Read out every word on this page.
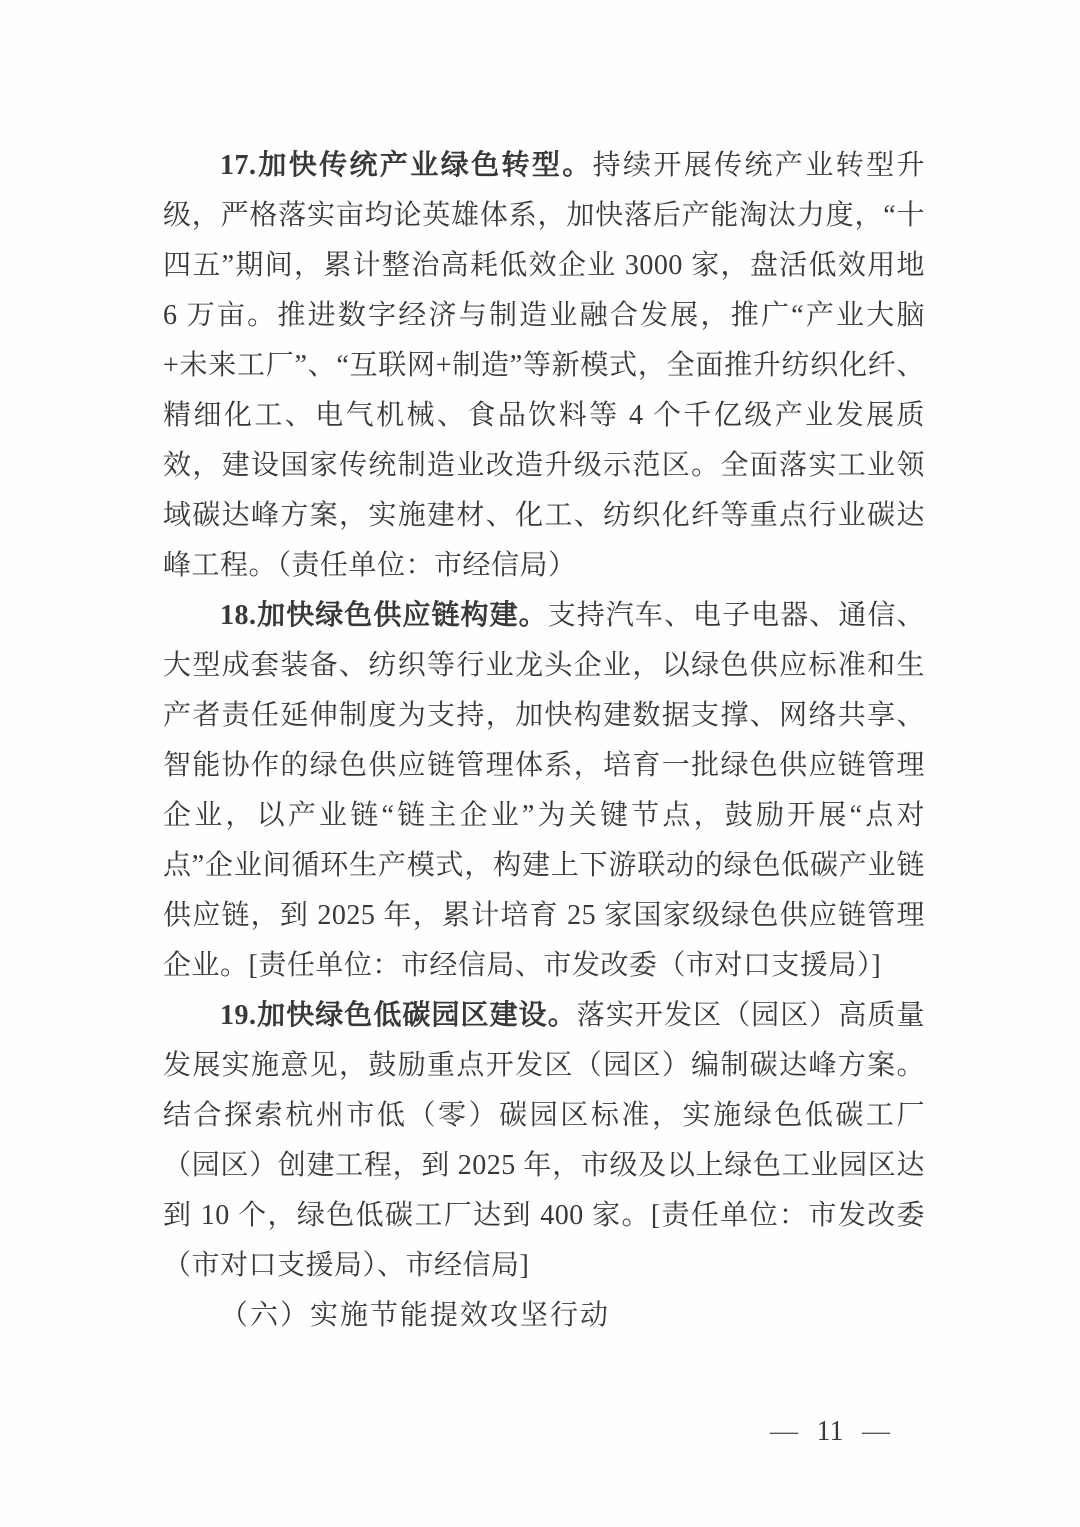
17.加快传统产业绿色转型。持续开展传统产业转型升级，严格落实亩均论英雄体系，加快落后产能淘汰力度，“十四五”期间，累计整治高耗低效企业 3000 家，盘活低效用地 6 万亩。推进数字经济与制造业融合发展，推广“产业大脑+未来工厂”、“互联网+制造”等新模式，全面推升纺织化纤、精细化工、电气机械、食品饮料等 4 个千亿级产业发展质效，建设国家传统制造业改造升级示范区。全面落实工业领域碳达峰方案，实施建材、化工、纺织化纤等重点行业碳达峰工程。（责任单位：市经信局）

18.加快绿色供应链构建。支持汽车、电子电器、通信、大型成套装备、纺织等行业龙头企业，以绿色供应标准和生产者责任延伸制度为支持，加快构建数据支撑、网络共享、智能协作的绿色供应链管理体系，培育一批绿色供应链管理企业，以产业链“链主企业”为关键节点，鼓励开展“点对点”企业间循环生产模式，构建上下游联动的绿色低碳产业链供应链，到 2025 年，累计培育 25 家国家级绿色供应链管理企业。[责任单位：市经信局、市发改委（市对口支援局）]

19.加快绿色低碳园区建设。落实开发区（园区）高质量发展实施意见，鼓励重点开发区（园区）编制碳达峰方案。结合探索杭州市低（零）碳园区标准，实施绿色低碳工厂（园区）创建工程，到 2025 年，市级及以上绿色工业园区达到 10 个，绿色低碳工厂达到 400 家。[责任单位：市发改委（市对口支援局）、市经信局]

（六）实施节能提效攻坚行动

— 11 —
